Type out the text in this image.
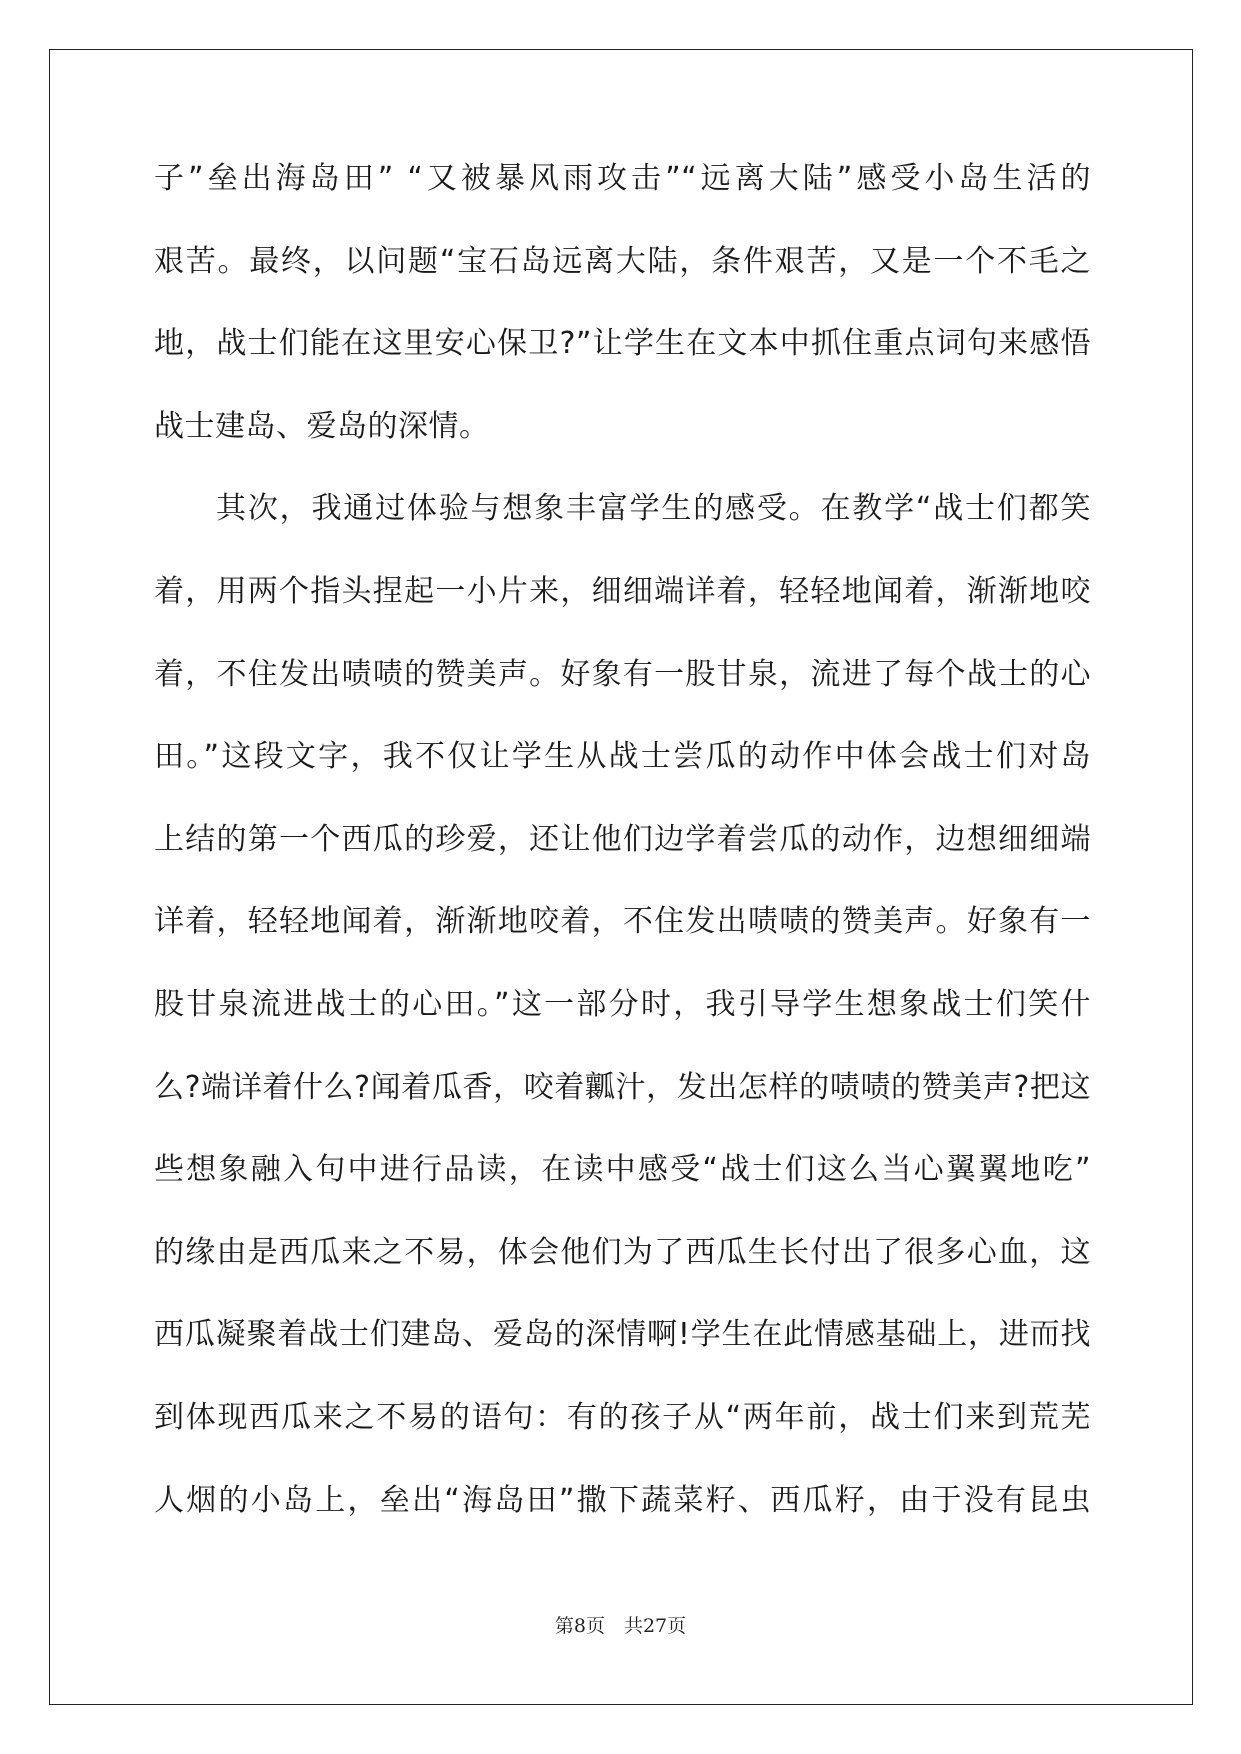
子”垒出海岛田” “又被暴风雨攻击”“远离大陆”感受小岛生活的
艰苦。最终，以问题“宝石岛远离大陆，条件艰苦，又是一个不毛之
地，战士们能在这里安心保卫?”让学生在文本中抓住重点词句来感悟
战士建岛、爱岛的深情。
其次，我通过体验与想象丰富学生的感受。在教学“战士们都笑
着，用两个指头捏起一小片来，细细端详着，轻轻地闻着，渐渐地咬
着，不住发出啧啧的赞美声。好象有一股甘泉，流进了每个战士的心
田。”这段文字，我不仅让学生从战士尝瓜的动作中体会战士们对岛
上结的第一个西瓜的珍爱，还让他们边学着尝瓜的动作，边想细细端
详着，轻轻地闻着，渐渐地咬着，不住发出啧啧的赞美声。好象有一
股甘泉流进战士的心田。”这一部分时，我引导学生想象战士们笑什
么?端详着什么?闻着瓜香，咬着瓤汁，发出怎样的啧啧的赞美声?把这
些想象融入句中进行品读，在读中感受“战士们这么当心翼翼地吃”
的缘由是西瓜来之不易，体会他们为了西瓜生长付出了很多心血，这
西瓜凝聚着战士们建岛、爱岛的深情啊!学生在此情感基础上，进而找
到体现西瓜来之不易的语句：有的孩子从“两年前，战士们来到荒芜
人烟的小岛上，垒出“海岛田”撒下蔬菜籽、西瓜籽，由于没有昆虫
第8页　共27页
